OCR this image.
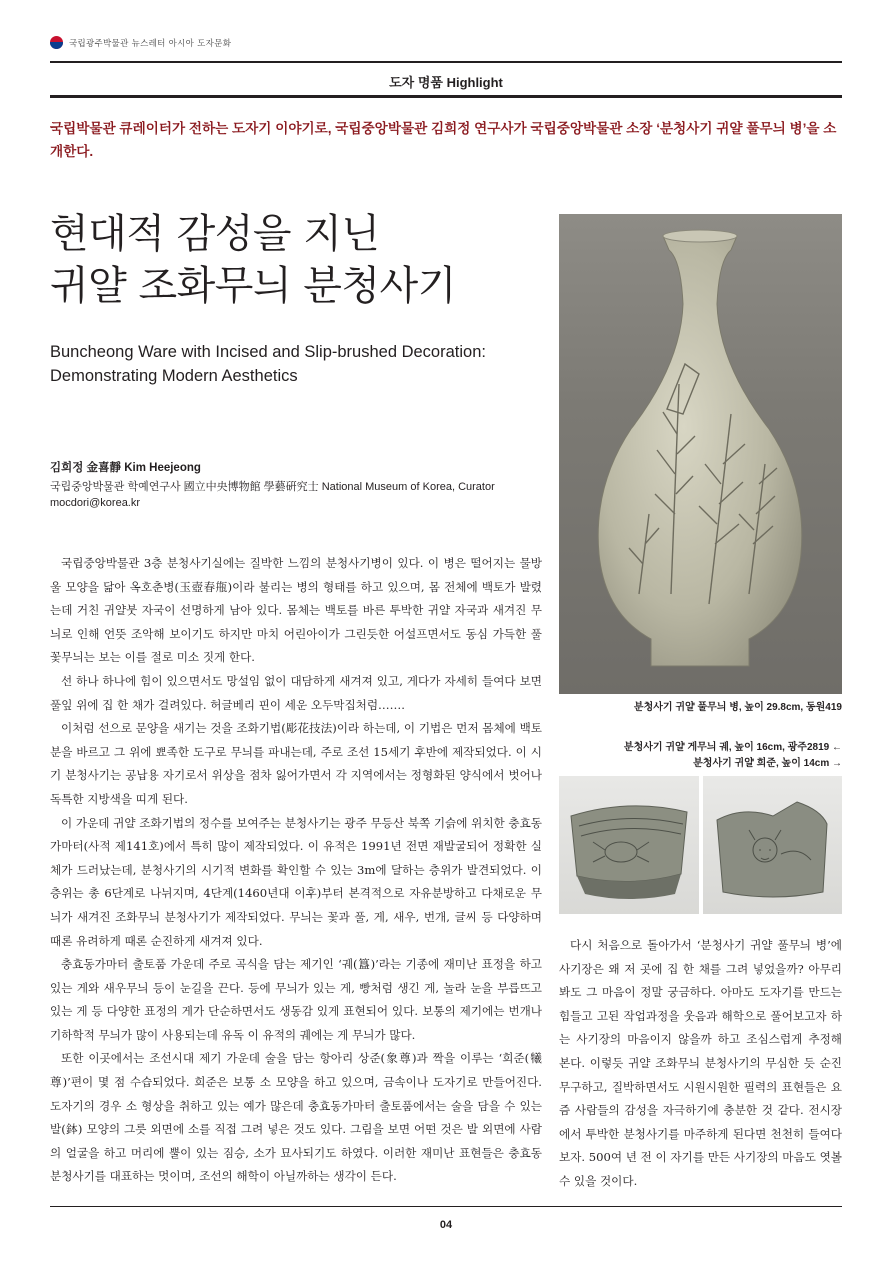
국립광주박물관 뉴스레터 아시아 도자문화
도자 명품 Highlight
국립박물관 큐레이터가 전하는 도자기 이야기로, 국립중앙박물관 김희정 연구사가 국립중앙박물관 소장 ‘분청사기 귀얄 풀무늬 병’을 소개한다.
현대적 감성을 지닌
귀얄 조화무늬 분청사기
Buncheong Ware with Incised and Slip-brushed Decoration:
Demonstrating Modern Aesthetics
김희정 金喜靜 Kim Heejeong
국립중앙박물관 학예연구사 國立中央博物館 學藝硏究士 National Museum of Korea, Curator
mocdori@korea.kr

국립중앙박물관 3층 분청사기실에는 질박한 느낌의 분청사기병이 있다. 이 병은 떨어지는 물방울 모양을 닮아 옥호춘병(玉壺春甁)이라 불리는 병의 형태를 하고 있으며, 몸 전체에 백토가 발렸는데 거친 귀얄붓 자국이 선명하게 남아 있다. 몸체는 백토를 바른 투박한 귀얄 자국과 새겨진 무늬로 인해 언뜻 조악해 보이기도 하지만 마치 어린아이가 그린듯한 어설프면서도 동심 가득한 풀꽃무늬는 보는 이를 절로 미소 짓게 한다.

선 하나 하나에 힘이 있으면서도 망설임 없이 대담하게 새겨져 있고, 게다가 자세히 들여다 보면 풀잎 위에 집 한 채가 걸려있다. 허글베리 핀이 세운 오두막집처럼…….

이처럼 선으로 문양을 새기는 것을 조화기법(彫花技法)이라 하는데, 이 기법은 먼저 몸체에 백토분을 바르고 그 위에 뾰족한 도구로 무늬를 파내는데, 주로 조선 15세기 후반에 제작되었다. 이 시기 분청사기는 공납용 자기로서 위상을 점차 잃어가면서 각 지역에서는 정형화된 양식에서 벗어나 독특한 지방색을 띠게 된다.

이 가운데 귀얄 조화기법의 정수를 보여주는 분청사기는 광주 무등산 북쪽 기슭에 위치한 충효동가마터(사적 제141호)에서 특히 많이 제작되었다. 이 유적은 1991년 전면 재발굴되어 정확한 실체가 드러났는데, 분청사기의 시기적 변화를 확인할 수 있는 3m에 달하는 층위가 발견되었다. 이 층위는 총 6단계로 나뉘지며, 4단계(1460년대 이후)부터 본격적으로 자유분방하고 다채로운 무늬가 새겨진 조화무늬 분청사기가 제작되었다. 무늬는 꽃과 풀, 게, 새우, 번개, 글씨 등 다양하며 때론 유려하게 때론 순진하게 새겨져 있다.

충효동가마터 출토품 가운데 주로 곡식을 담는 제기인 ‘궤(簋)’라는 기종에 재미난 표정을 하고 있는 게와 새우무늬 등이 눈길을 끈다. 등에 무늬가 있는 게, 빵처럼 생긴 게, 놀라 눈을 부릅뜨고 있는 게 등 다양한 표정의 게가 단순하면서도 생동감 있게 표현되어 있다. 보통의 제기에는 번개나 기하학적 무늬가 많이 사용되는데 유독 이 유적의 궤에는 게 무늬가 많다.

또한 이곳에서는 조선시대 제기 가운데 술을 담는 항아리 상준(象尊)과 짝을 이루는 ‘희준(犧尊)’편이 몇 점 수습되었다. 희준은 보통 소 모양을 하고 있으며, 금속이나 도자기로 만들어진다. 도자기의 경우 소 형상을 취하고 있는 예가 많은데 충효동가마터 출토품에서는 술을 담을 수 있는 발(鉢) 모양의 그릇 외면에 소를 직접 그려 넣은 것도 있다. 그림을 보면 어떤 것은 발 외면에 사람의 얼굴을 하고 머리에 뿔이 있는 짐승, 소가 묘사되기도 하였다. 이러한 재미난 표현들은 충효동 분청사기를 대표하는 멋이며, 조선의 해학이 아닐까하는 생각이 든다.

분청사기 귀얄 풀무늬 병, 높이 29.8cm, 동원419
분청사기 귀얄 게무늬 궤, 높이 16cm, 광주2819 ←
분청사기 귀얄 희준, 높이 14cm →

다시 처음으로 돌아가서 ‘분청사기 귀얄 풀무늬 병’에 사기장은 왜 저 곳에 집 한 채를 그려 넣었을까? 아무리 봐도 그 마음이 정말 궁금하다. 아마도 도자기를 만드는 힘들고 고된 작업과정을 웃음과 해학으로 풀어보고자 하는 사기장의 마음이지 않을까 하고 조심스럽게 추정해 본다. 이렇듯 귀얄 조화무늬 분청사기의 무심한 듯 순진무구하고, 질박하면서도 시원시원한 필력의 표현들은 요즘 사람들의 감성을 자극하기에 충분한 것 같다. 전시장에서 투박한 분청사기를 마주하게 된다면 천천히 들여다보자. 500여 년 전 이 자기를 만든 사기장의 마음도 엿볼 수 있을 것이다.

04
